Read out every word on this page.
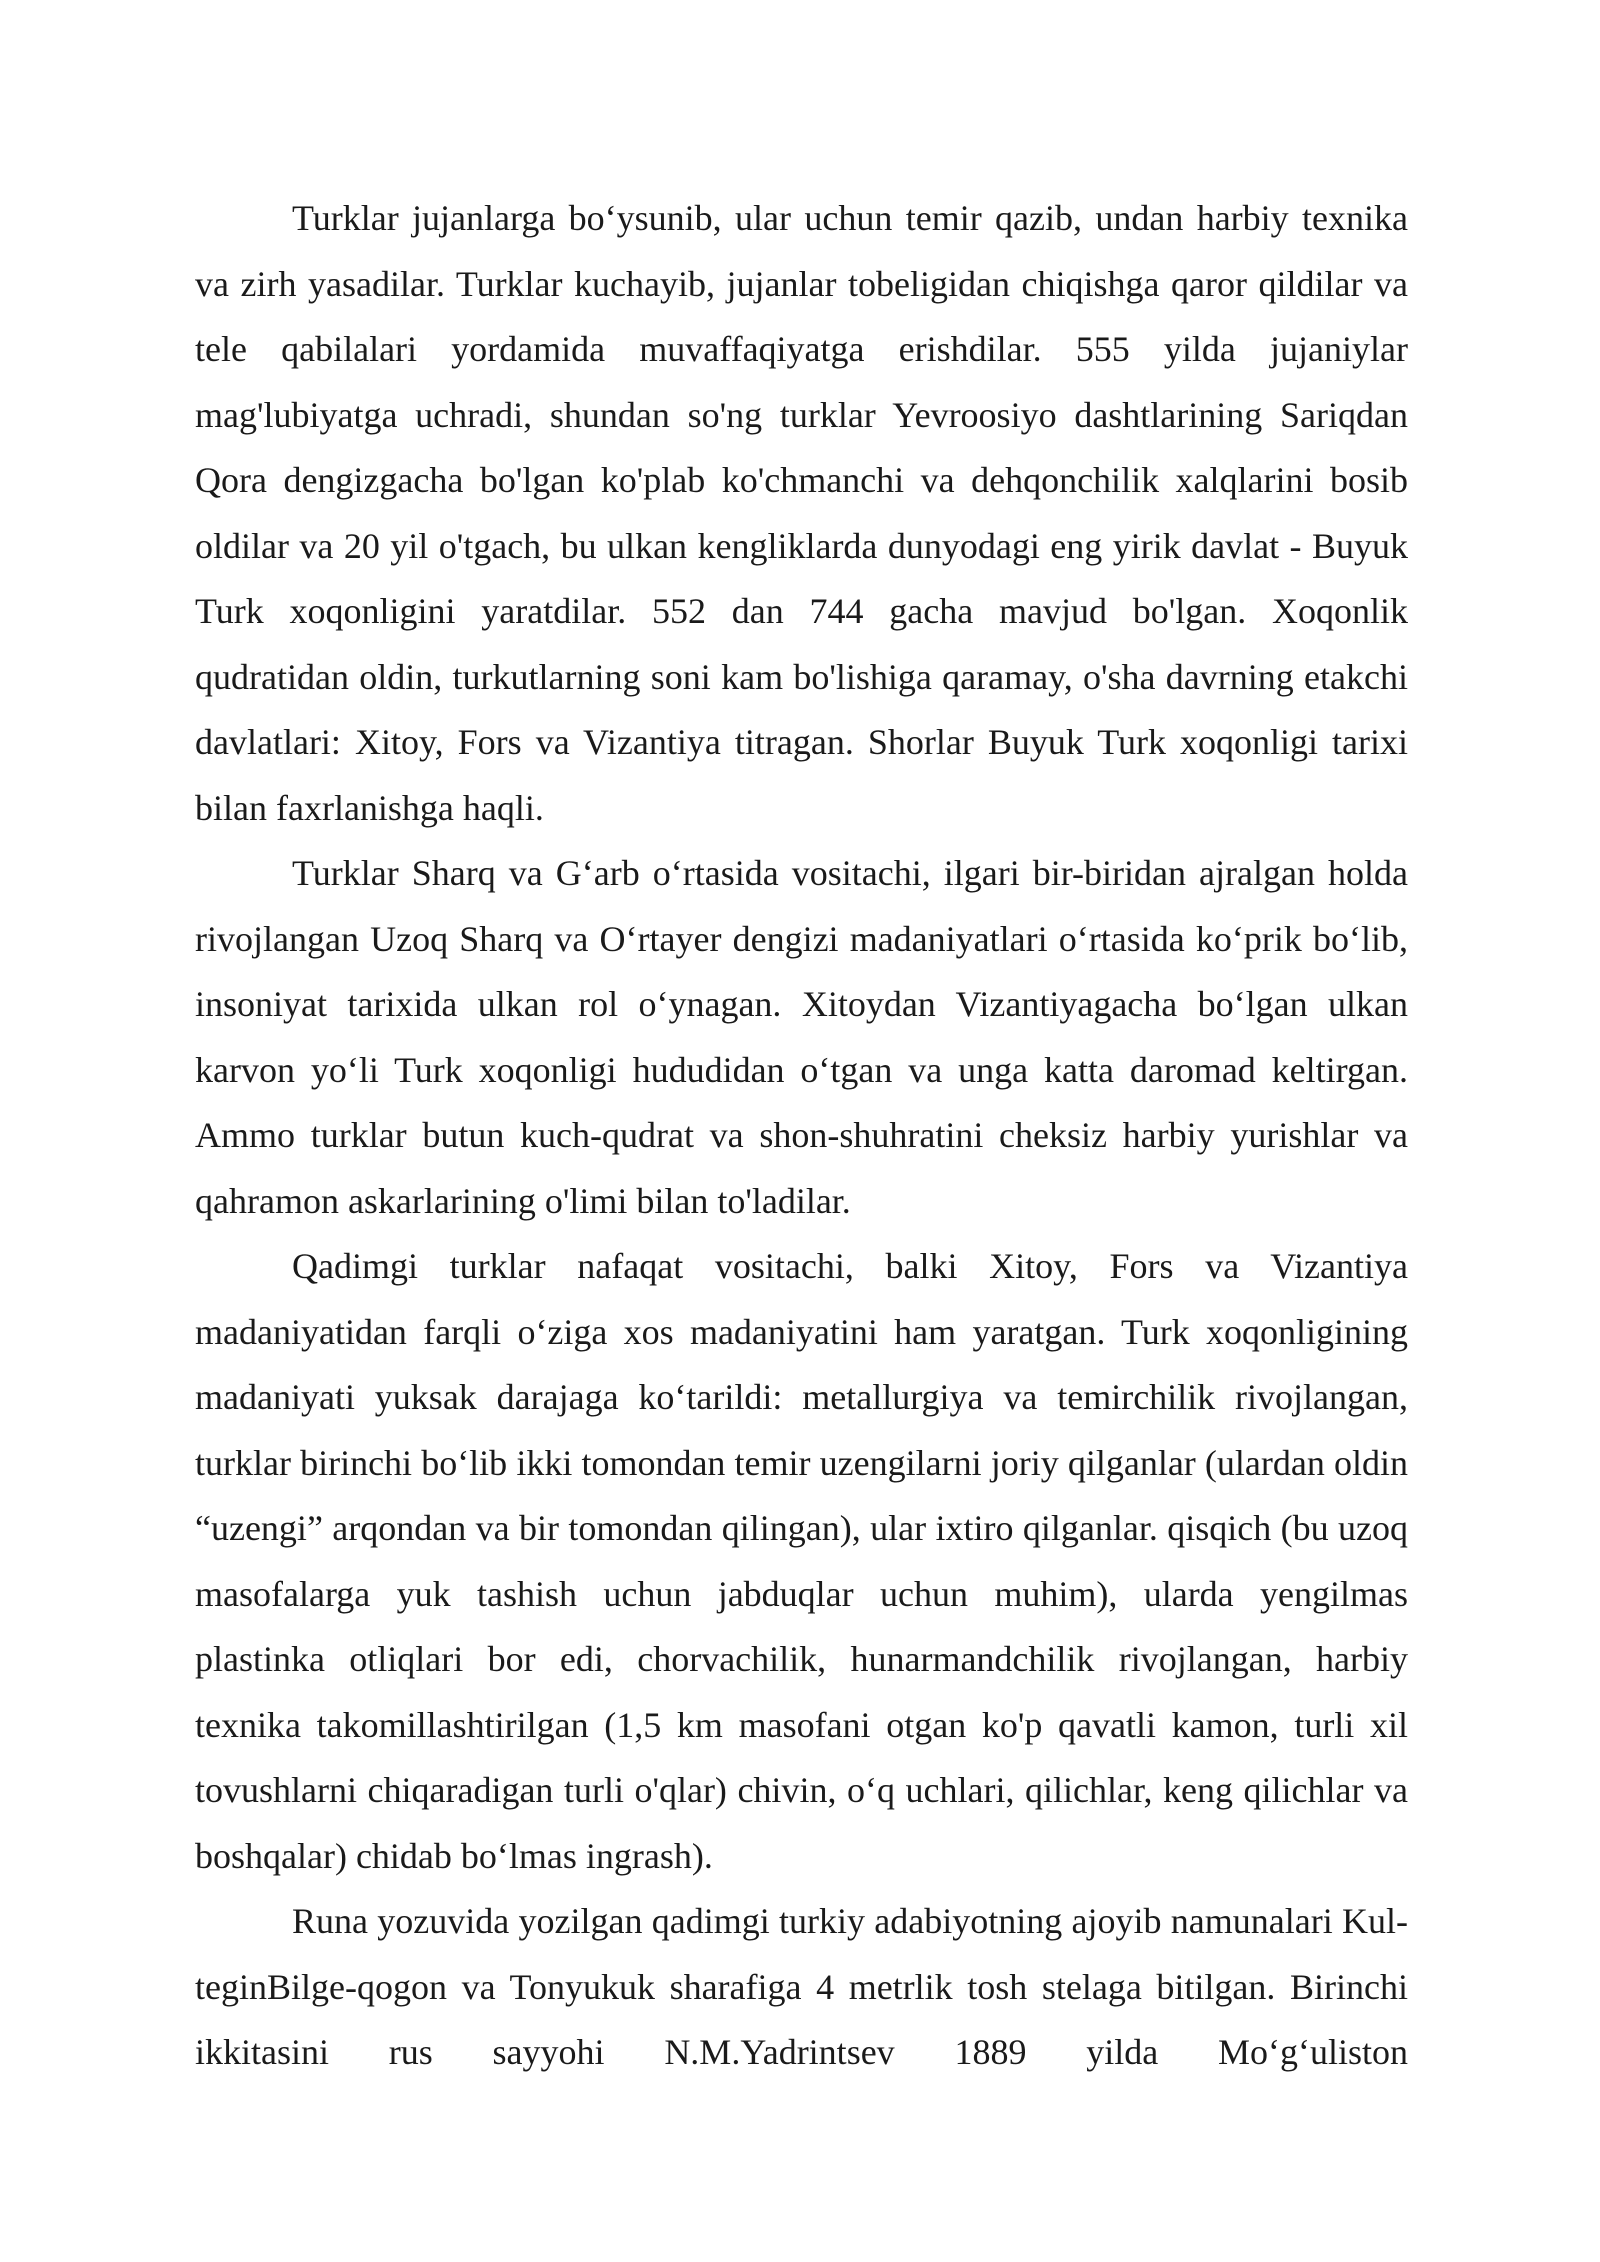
Turklar jujanlarga bo‘ysunib, ular uchun temir qazib, undan harbiy texnika va zirh yasadilar. Turklar kuchayib, jujanlar tobeligidan chiqishga qaror qildilar va tele qabilalari yordamida muvaffaqiyatga erishdilar. 555 yilda jujaniylar mag'lubiyatga uchradi, shundan so'ng turklar Yevroosiyo dashtlarining Sariqdan Qora dengizgacha bo'lgan ko'plab ko'chmanchi va dehqonchilik xalqlarini bosib oldilar va 20 yil o'tgach, bu ulkan kengliklarda dunyodagi eng yirik davlat - Buyuk Turk xoqonligini yaratdilar. 552 dan 744 gacha mavjud bo'lgan. Xoqonlik qudratidan oldin, turkutlarning soni kam bo'lishiga qaramay, o'sha davrning etakchi davlatlari: Xitoy, Fors va Vizantiya titragan. Shorlar Buyuk Turk xoqonligi tarixi bilan faxrlanishga haqli.

Turklar Sharq va G‘arb o‘rtasida vositachi, ilgari bir-biridan ajralgan holda rivojlangan Uzoq Sharq va O‘rtayer dengizi madaniyatlari o‘rtasida ko‘prik bo‘lib, insoniyat tarixida ulkan rol o‘ynagan. Xitoydan Vizantiyagacha bo‘lgan ulkan karvon yo‘li Turk xoqonligi hududidan o‘tgan va unga katta daromad keltirgan. Ammo turklar butun kuch-qudrat va shon-shuhratini cheksiz harbiy yurishlar va qahramon askarlarining o'limi bilan to'ladilar.

Qadimgi turklar nafaqat vositachi, balki Xitoy, Fors va Vizantiya madaniyatidan farqli o‘ziga xos madaniyatini ham yaratgan. Turk xoqonligining madaniyati yuksak darajaga ko‘tarildi: metallurgiya va temirchilik rivojlangan, turklar birinchi bo‘lib ikki tomondan temir uzengilarni joriy qilganlar (ulardan oldin “uzengi” arqondan va bir tomondan qilingan), ular ixtiro qilganlar. qisqich (bu uzoq masofalarga yuk tashish uchun jabduqlar uchun muhim), ularda yengilmas plastinka otliqlari bor edi, chorvachilik, hunarmandchilik rivojlangan, harbiy texnika takomillashtirilgan (1,5 km masofani otgan ko'p qavatli kamon, turli xil tovushlarni chiqaradigan turli o'qlar) chivin, o‘q uchlari, qilichlar, keng qilichlar va boshqalar) chidab bo‘lmas ingrash).

Runa yozuvida yozilgan qadimgi turkiy adabiyotning ajoyib namunalari Kul-teginBilge-qogon va Tonyukuk sharafiga 4 metrlik tosh stelaga bitilgan. Birinchi ikkitasini rus sayyohi N.M.Yadrintsev 1889 yilda Mo‘g‘uliston
